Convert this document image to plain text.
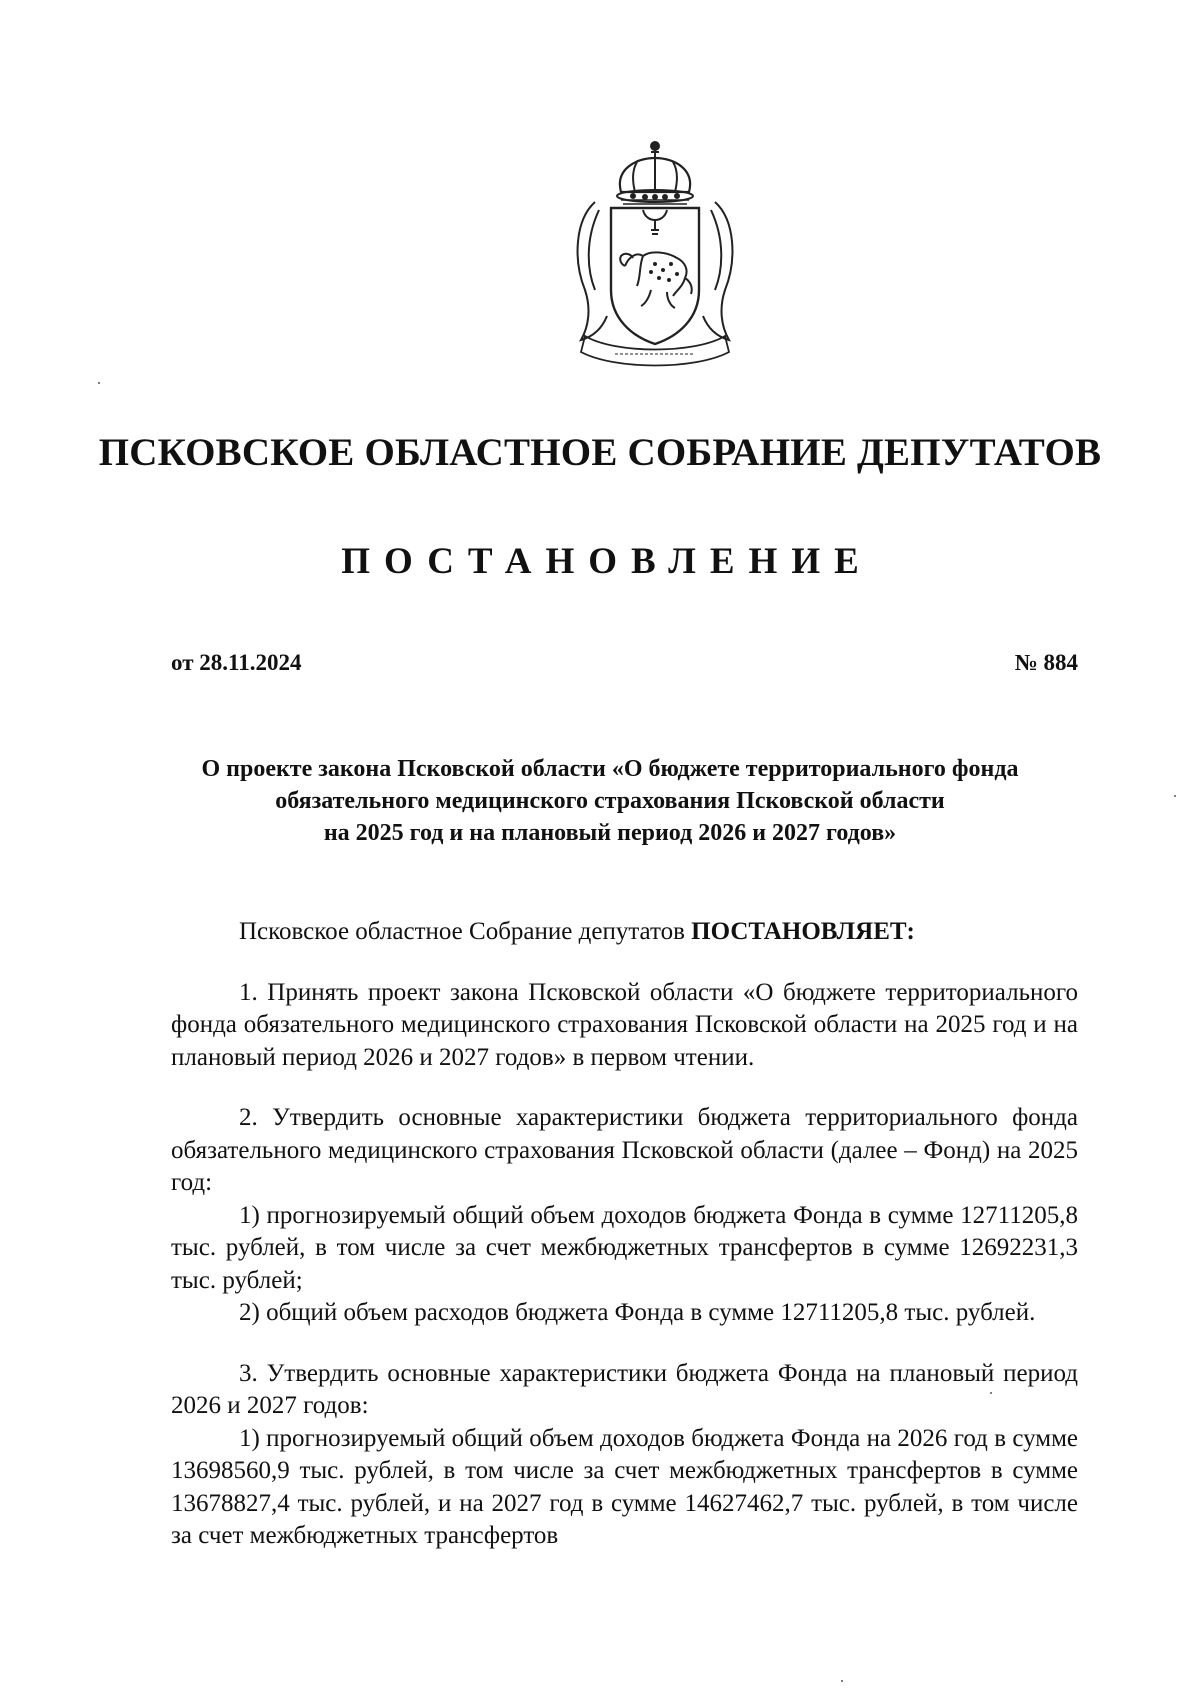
ПСКОВСКОЕ ОБЛАСТНОЕ СОБРАНИЕ ДЕПУТАТОВ
ПОСТАНОВЛЕНИЕ
от 28.11.2024	№ 884
О проекте закона Псковской области «О бюджете территориального фонда
обязательного медицинского страхования Псковской области
на 2025 год и на плановый период 2026 и 2027 годов»

Псковское областное Собрание депутатов ПОСТАНОВЛЯЕТ:

1. Принять проект закона Псковской области «О бюджете территориального фонда обязательного медицинского страхования Псковской области на 2025 год и на плановый период 2026 и 2027 годов» в первом чтении.

2. Утвердить основные характеристики бюджета территориального фонда обязательного медицинского страхования Псковской области (далее – Фонд) на 2025 год:

1) прогнозируемый общий объем доходов бюджета Фонда в сумме 12711205,8 тыс. рублей, в том числе за счет межбюджетных трансфертов в сумме 12692231,3 тыс. рублей;

2) общий объем расходов бюджета Фонда в сумме 12711205,8 тыс. рублей.

3. Утвердить основные характеристики бюджета Фонда на плановый период 2026 и 2027 годов:

1) прогнозируемый общий объем доходов бюджета Фонда на 2026 год в сумме 13698560,9 тыс. рублей, в том числе за счет межбюджетных трансфертов в сумме 13678827,4 тыс. рублей, и на 2027 год в сумме 14627462,7 тыс. рублей, в том числе за счет межбюджетных трансфертов
